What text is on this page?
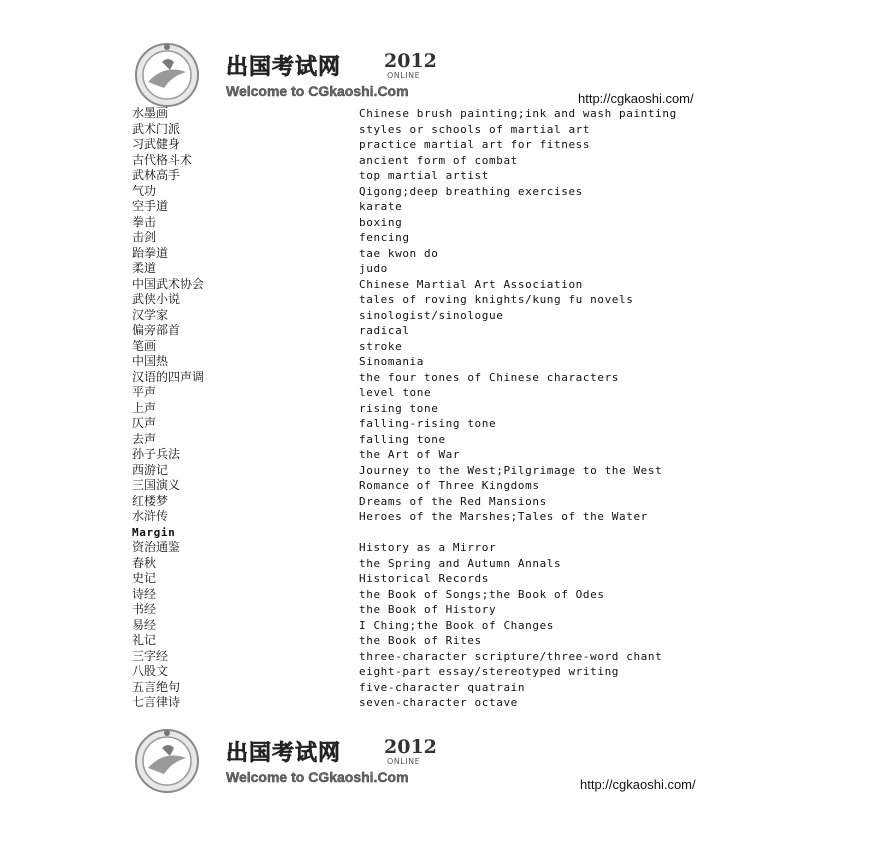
出国考试网 2012
ONLINE
Welcome to CGkaoshi.Com	http://cgkaoshi.com/
水墨画	Chinese brush painting;ink and wash painting
武术门派	styles or schools of martial art
习武健身	practice martial art for fitness
古代格斗术	ancient form of combat
武林高手	top martial artist
气功	Qigong;deep breathing exercises
空手道	karate
拳击	boxing
击剑	fencing
跆拳道	tae kwon do
柔道	judo
中国武术协会	Chinese Martial Art Association
武侠小说	tales of roving knights/kung fu novels
汉学家	sinologist/sinologue
偏旁部首	radical
笔画	stroke
中国热	Sinomania
汉语的四声调	the four tones of Chinese characters
平声	level tone
上声	rising tone
仄声	falling-rising tone
去声	falling tone
孙子兵法	the Art of War
西游记	Journey to the West;Pilgrimage to the West
三国演义	Romance of Three Kingdoms
红楼梦	Dreams of the Red Mansions
水浒传	Heroes of the Marshes;Tales of the Water
Margin
资治通鉴	History as a Mirror
春秋	the Spring and Autumn Annals
史记	Historical Records
诗经	the Book of Songs;the Book of Odes
书经	the Book of History
易经	I Ching;the Book of Changes
礼记	the Book of Rites
三字经	three-character scripture/three-word chant
八股文	eight-part essay/stereotyped writing
五言绝句	five-character quatrain
七言律诗	seven-character octave
出国考试网 2012
ONLINE
Welcome to CGkaoshi.Com	http://cgkaoshi.com/
